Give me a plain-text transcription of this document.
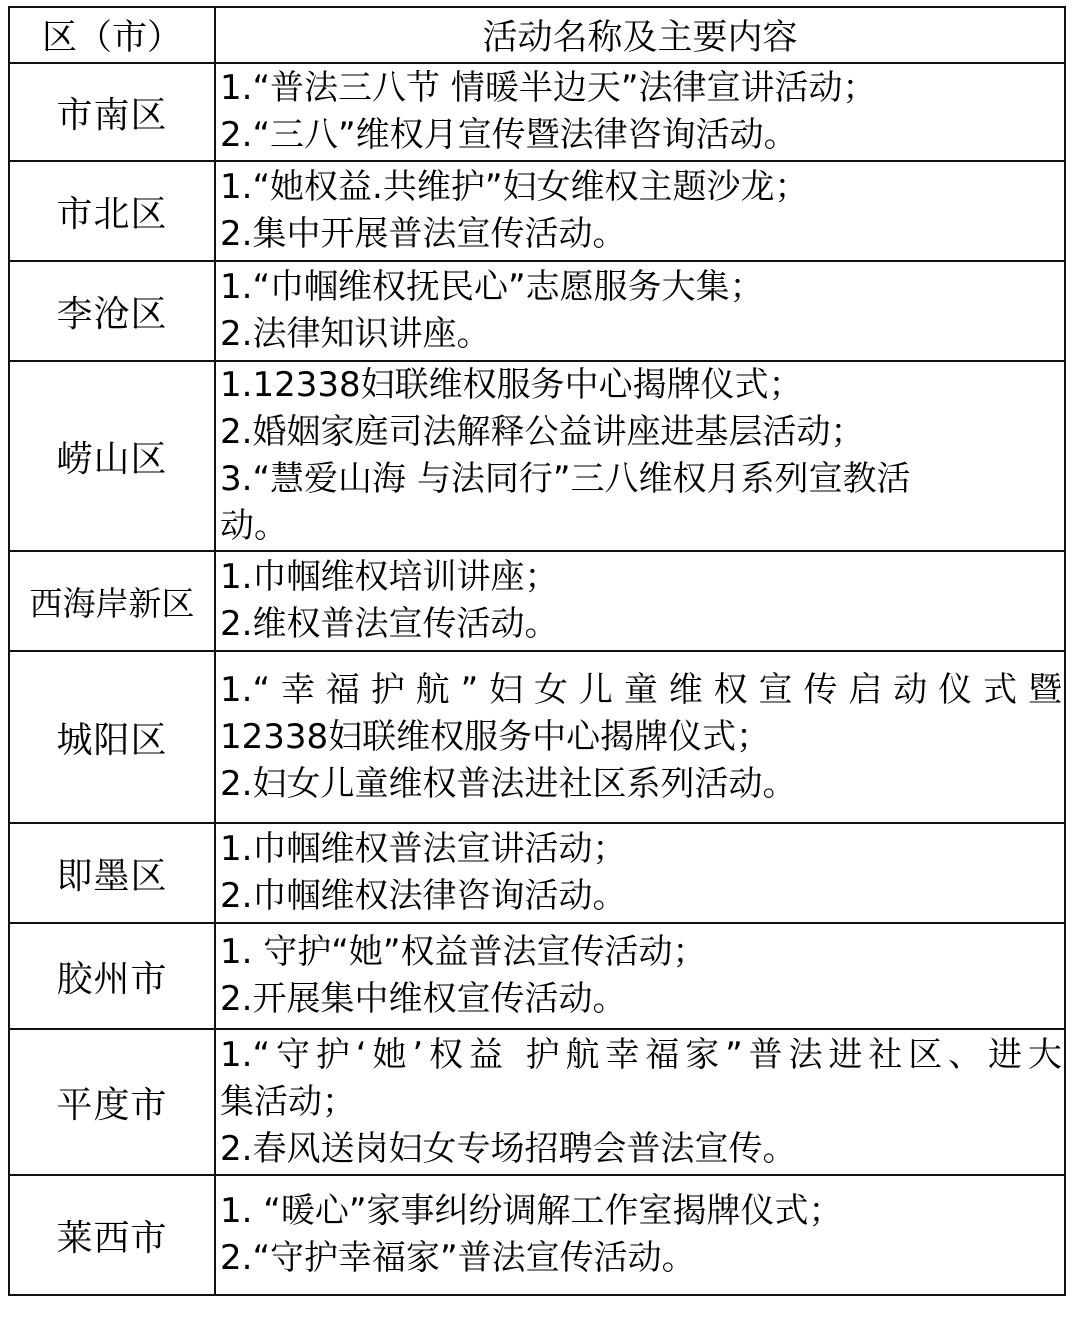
区（市）	活动名称及主要内容
市南区	1.“普法三八节 情暖半边天”法律宣讲活动；
2.“三八”维权月宣传暨法律咨询活动。

市北区	1.“她权益.共维护”妇女维权主题沙龙；
2.集中开展普法宣传活动。

李沧区	1.“巾帼维权抚民心”志愿服务大集；
2.法律知识讲座。

崂山区	1.12338妇联维权服务中心揭牌仪式；
2.婚姻家庭司法解释公益讲座进基层活动；
3.“慧爱山海 与法同行”三八维权月系列宣教活
动。

西海岸新区	1.巾帼维权培训讲座；
2.维权普法宣传活动。

城阳区	1.“幸福护航”妇女儿童维权宣传启动仪式暨
12338妇联维权服务中心揭牌仪式；
2.妇女儿童维权普法进社区系列活动。

即墨区	1.巾帼维权普法宣讲活动；
2.巾帼维权法律咨询活动。

胶州市	1. 守护“她”权益普法宣传活动；
2.开展集中维权宣传活动。

平度市	1.“守护‘她’权益 护航幸福家”普法进社区、进大
集活动；
2.春风送岗妇女专场招聘会普法宣传。

莱西市	1. “暖心”家事纠纷调解工作室揭牌仪式；
2.“守护幸福家”普法宣传活动。
